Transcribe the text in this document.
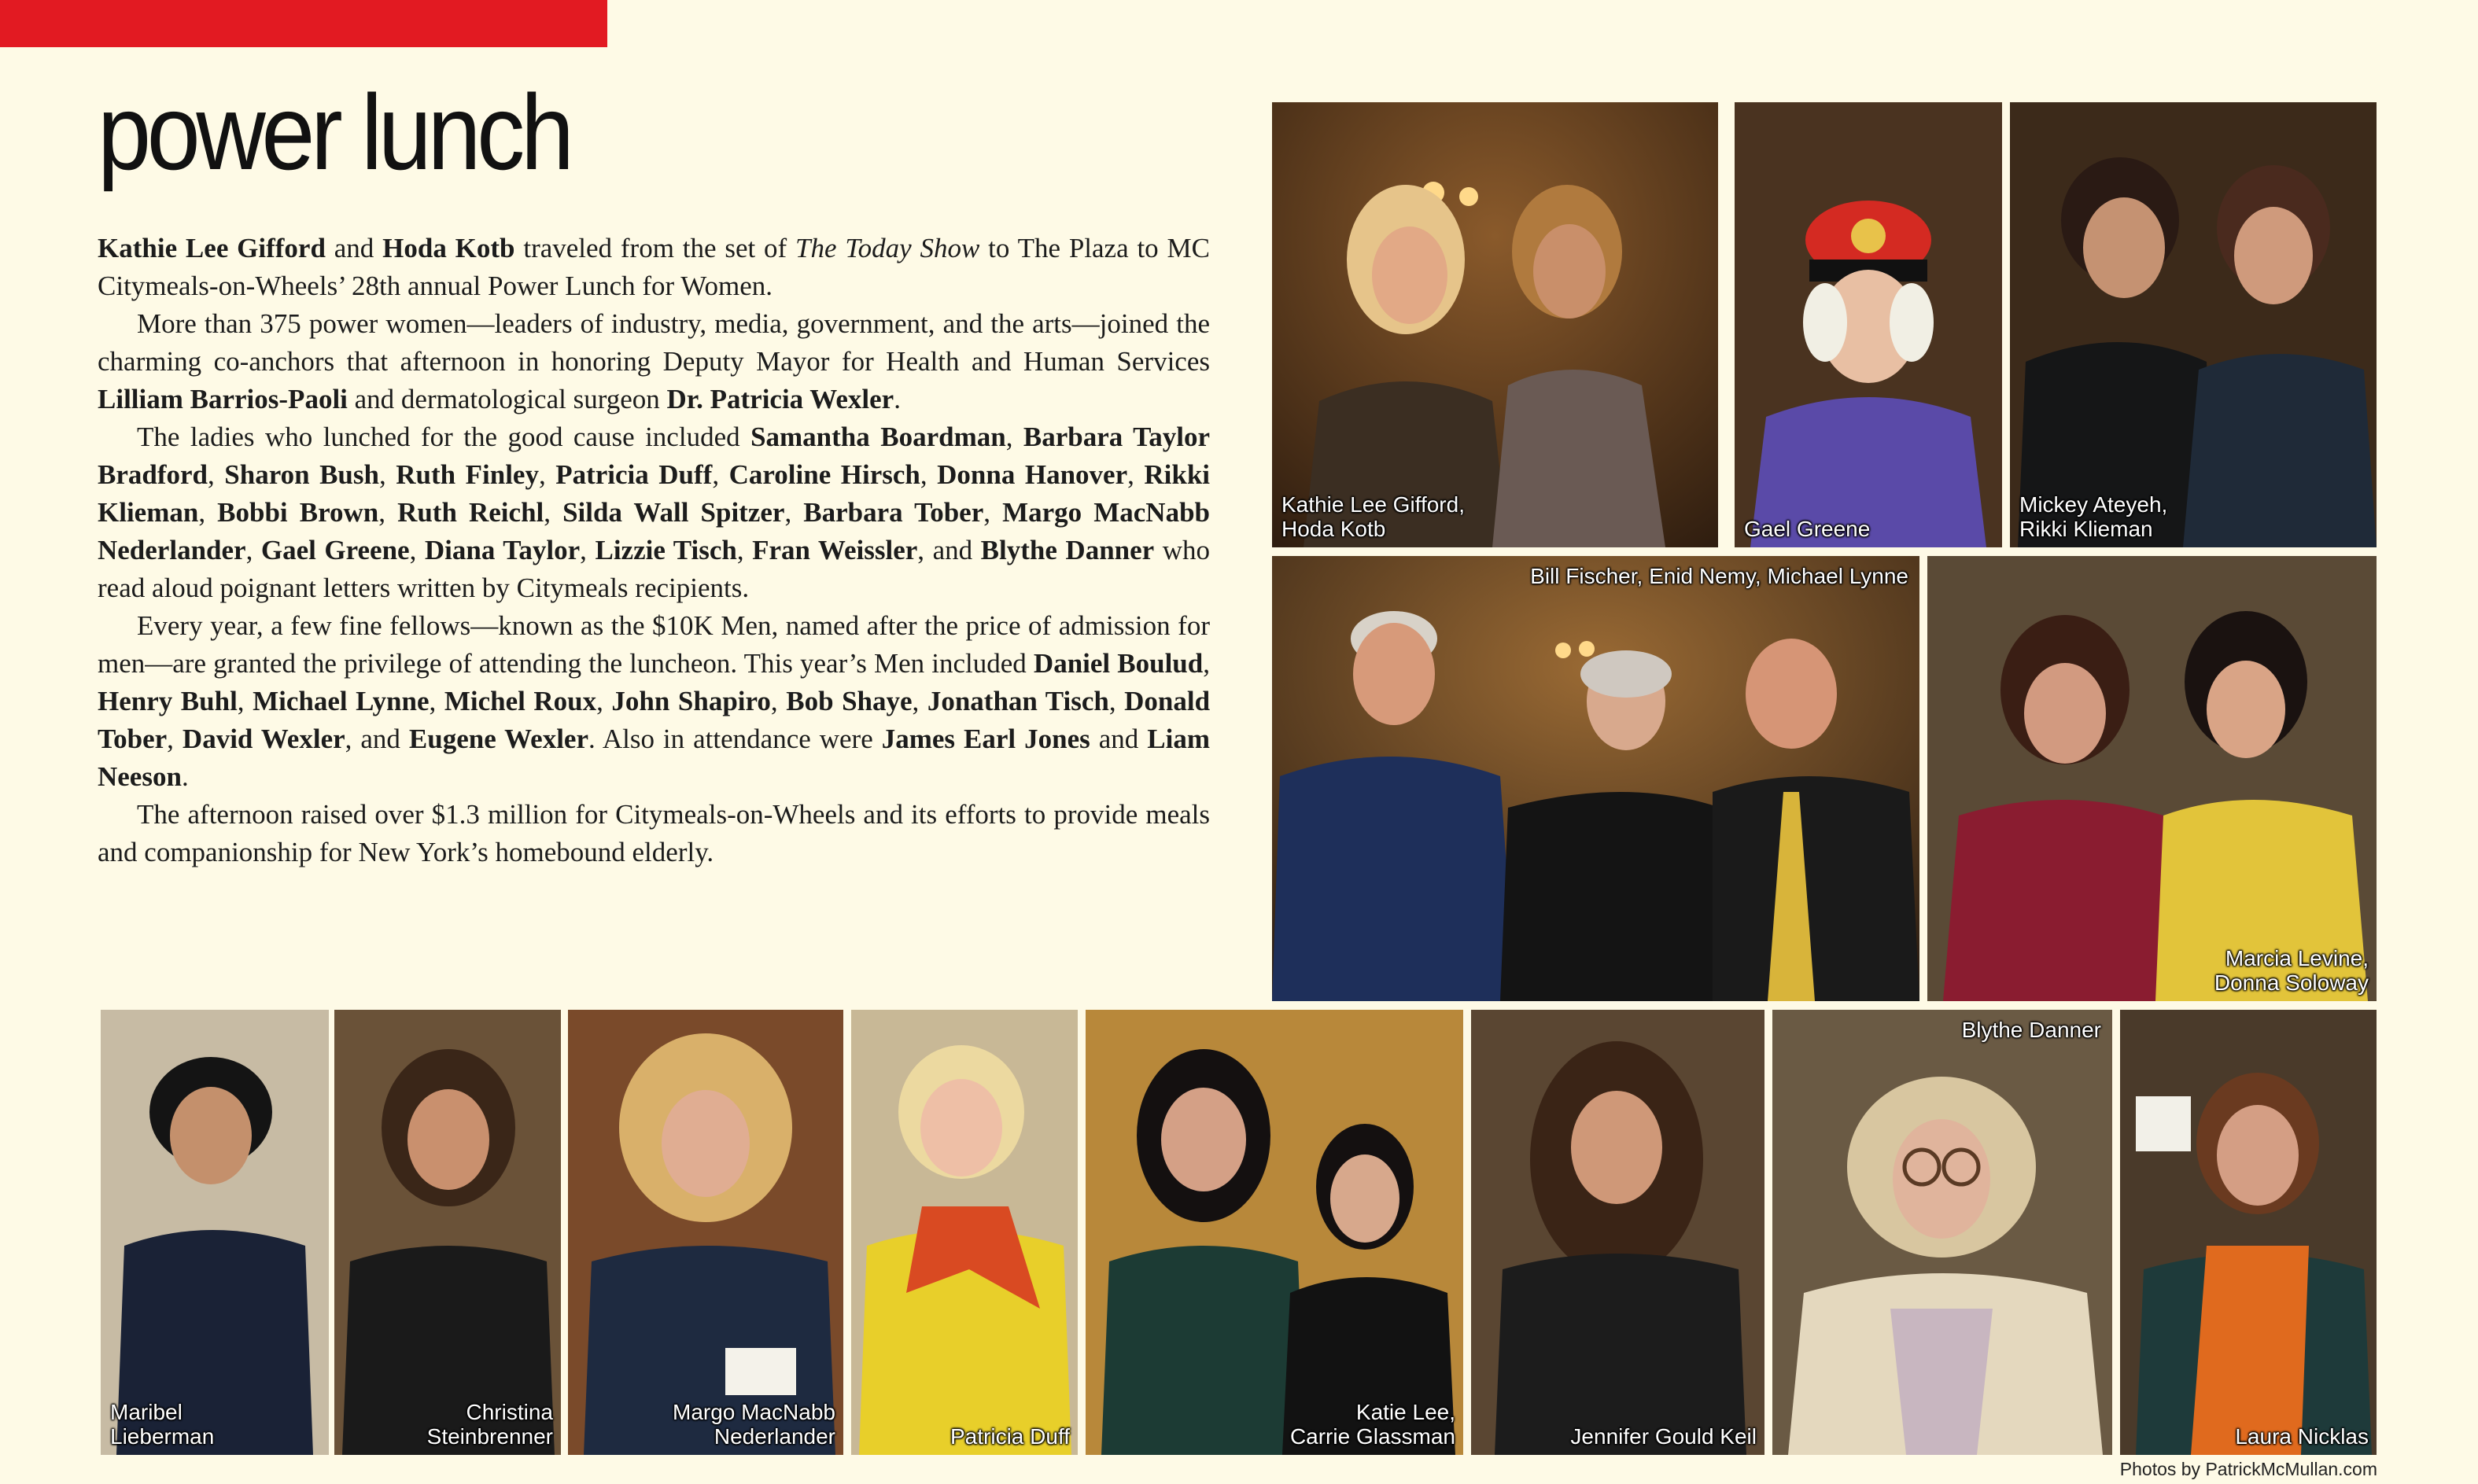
power lunch

Kathie Lee Gifford and Hoda Kotb traveled from the set of The Today Show to The Plaza to MC Citymeals-on-Wheels’ 28th annual Power Lunch for Women.

More than 375 power women—leaders of industry, media, government, and the arts—joined the charming co-anchors that afternoon in honoring Deputy Mayor for Health and Human Services Lilliam Barrios-Paoli and dermatological surgeon Dr. Patricia Wexler.

The ladies who lunched for the good cause included Samantha Boardman, Barbara Taylor Bradford, Sharon Bush, Ruth Finley, Patricia Duff, Caroline Hirsch, Donna Hanover, Rikki Klieman, Bobbi Brown, Ruth Reichl, Silda Wall Spitzer, Barbara Tober, Margo MacNabb Nederlander, Gael Greene, Diana Taylor, Lizzie Tisch, Fran Weissler, and Blythe Danner who read aloud poignant letters written by Citymeals recipients.

Every year, a few fine fellows—known as the $10K Men, named after the price of admission for men—are granted the privilege of attending the luncheon. This year’s Men included Daniel Boulud, Henry Buhl, Michael Lynne, Michel Roux, John Shapiro, Bob Shaye, Jonathan Tisch, Donald Tober, David Wexler, and Eugene Wexler. Also in attendance were James Earl Jones and Liam Neeson.

The afternoon raised over $1.3 million for Citymeals-on-Wheels and its efforts to provide meals and companionship for New York’s homebound elderly.

Kathie Lee Gifford,
Hoda Kotb	Gael Greene
Mickey Ateyeh,
Rikki Klieman
Bill Fischer, Enid Nemy, Michael Lynne
Marcia Levine,
Donna Soloway
Maribel
Lieberman
Christina
Steinbrenner
Margo MacNabb
Nederlander	Patricia Duff
Katie Lee,
Carrie Glassman	Jennifer Gould Keil
Blythe Danner
Laura Nicklas

Photos by PatrickMcMullan.com
